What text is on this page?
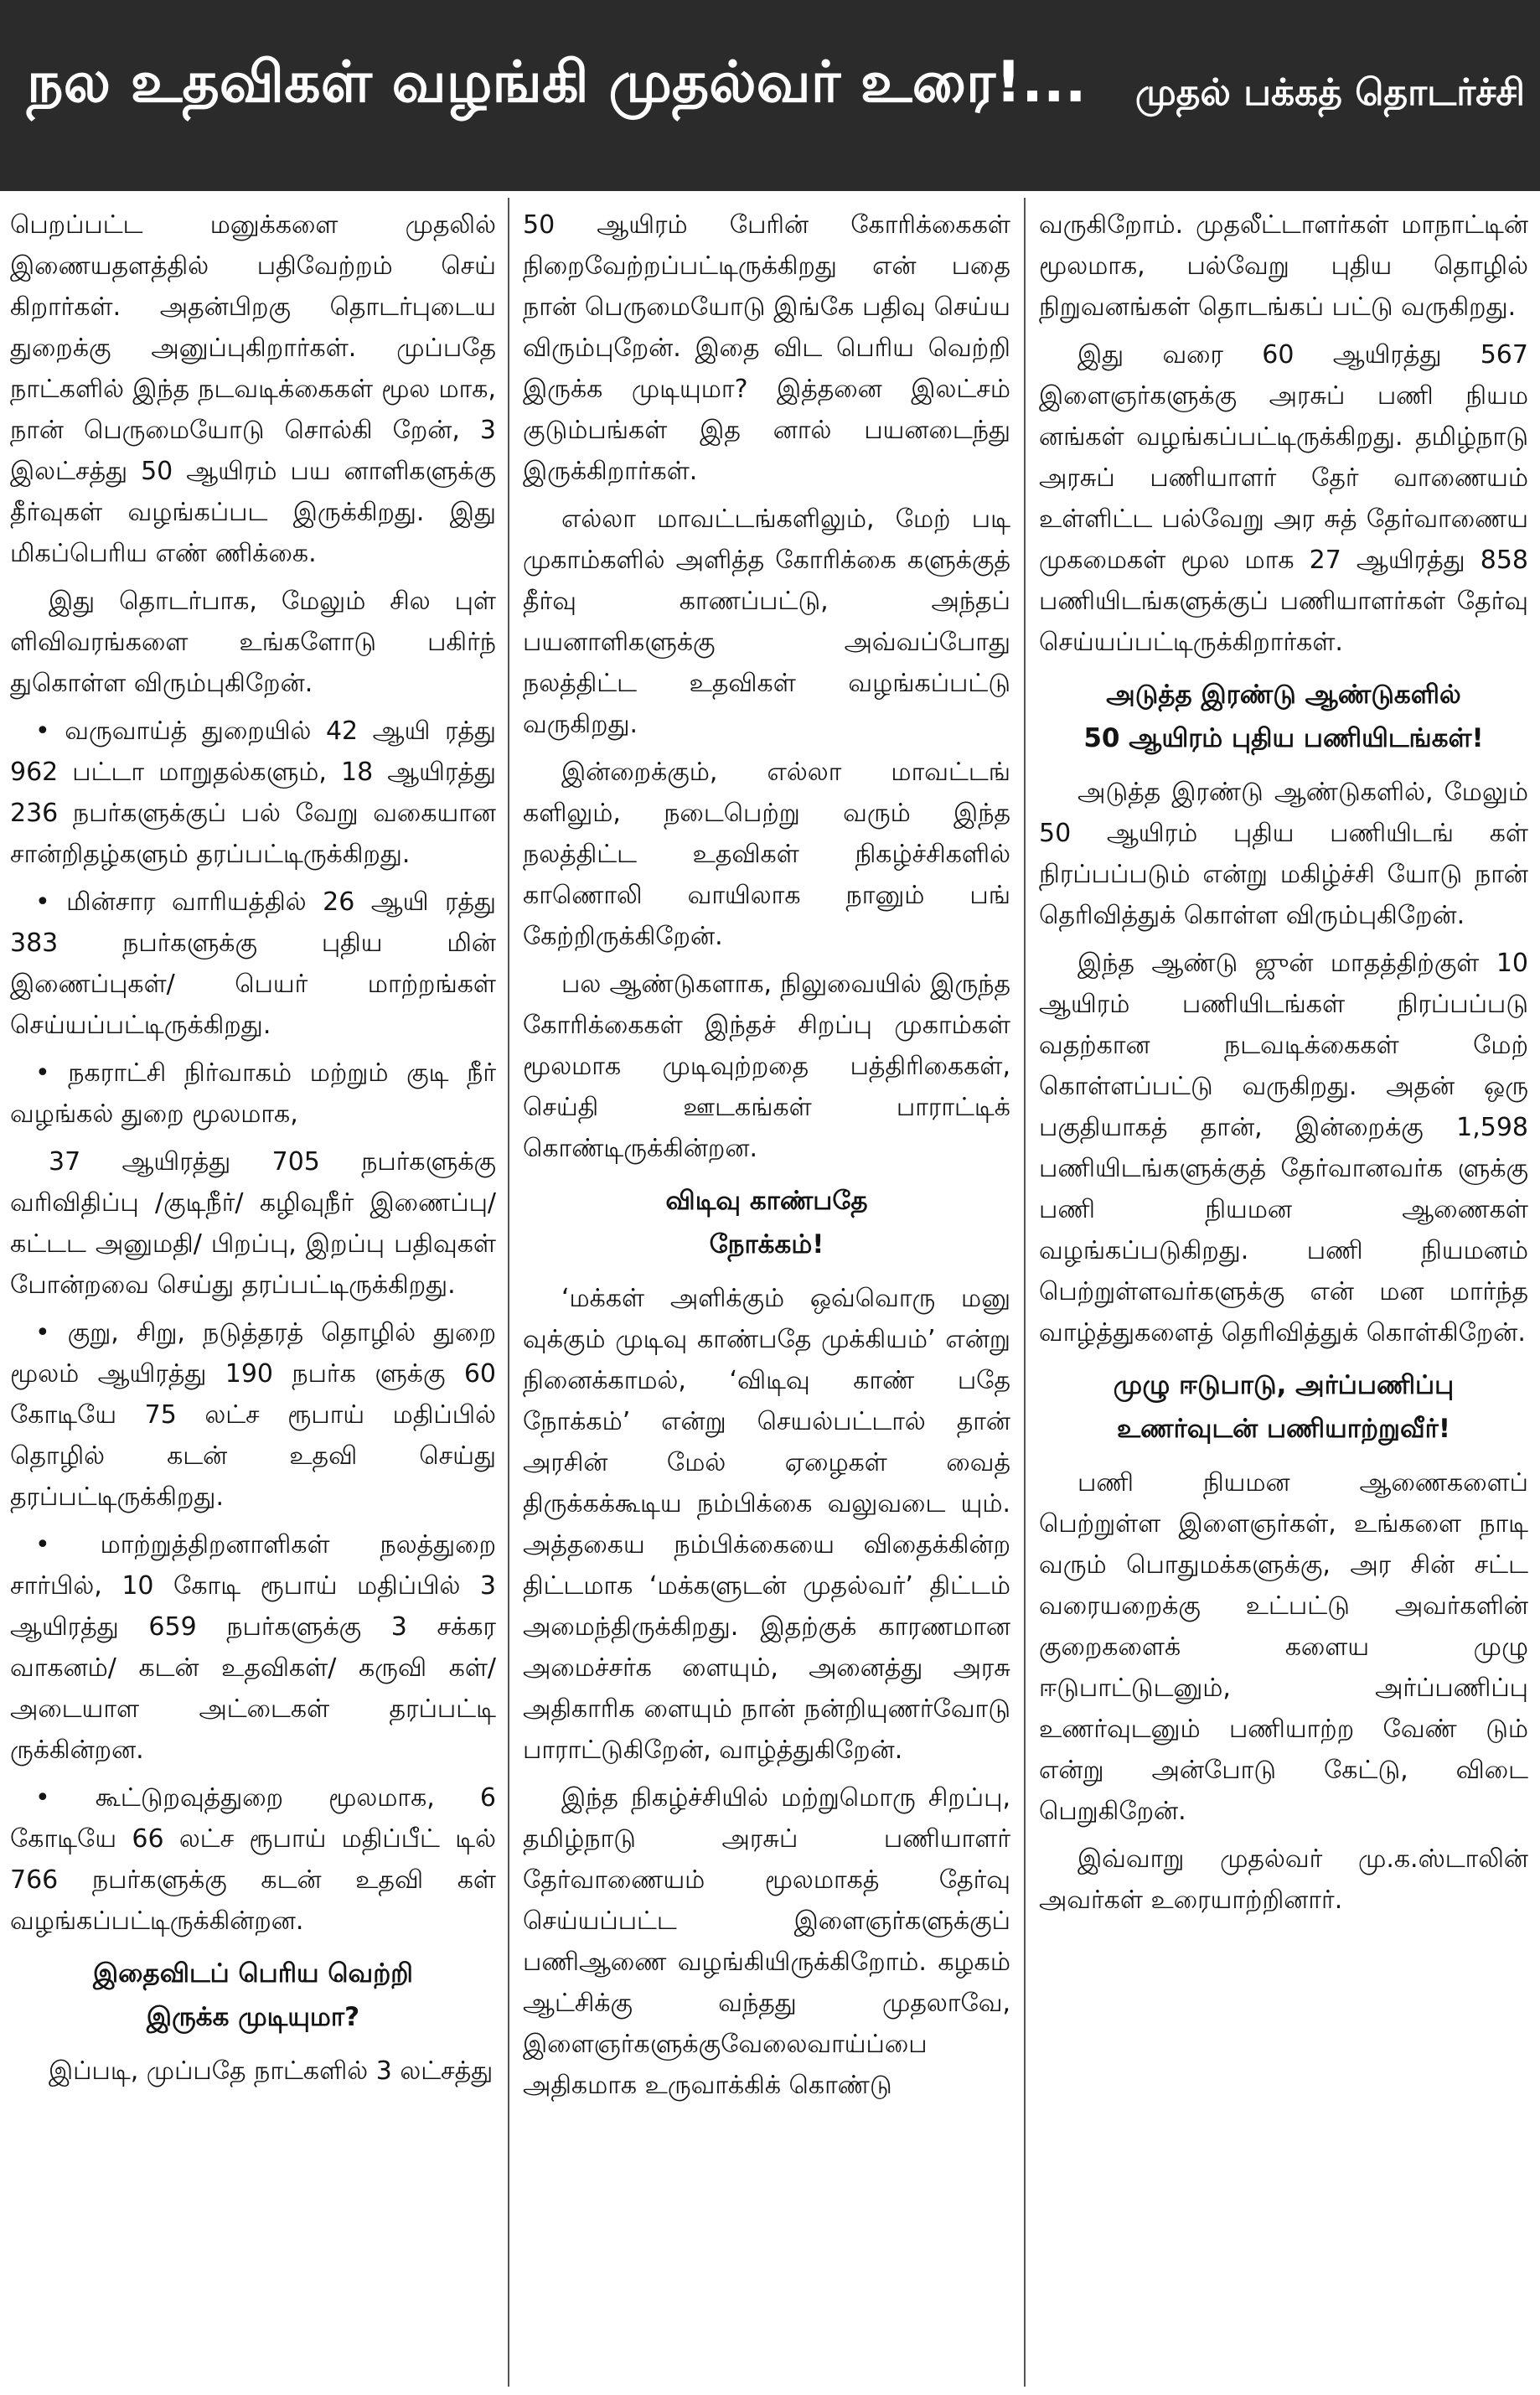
நல உதவிகள் வழங்கி முதல்வர் உரை!...	முதல் பக்கத் தொடர்ச்சி

பெறப்பட்ட மனுக்களை முதலில் இணையதளத்தில் பதிவேற்றம் செய் கிறார்கள். அதன்பிறகு தொடர்புடைய துறைக்கு அனுப்புகிறார்கள். முப்பதே நாட்களில் இந்த நடவடிக்கைகள் மூல மாக, நான் பெருமையோடு சொல்கி றேன், 3 இலட்சத்து 50 ஆயிரம் பய னாளிகளுக்கு தீர்வுகள் வழங்கப்பட இருக்கிறது. இது மிகப்பெரிய எண் ணிக்கை.

இது தொடர்பாக, மேலும் சில புள் ளிவிவரங்களை உங்களோடு பகிர்ந் துகொள்ள விரும்புகிறேன்.

• வருவாய்த் துறையில் 42 ஆயி ரத்து 962 பட்டா மாறுதல்களும், 18 ஆயிரத்து 236 நபர்களுக்குப் பல் வேறு வகையான சான்றிதழ்களும் தரப்பட்டிருக்கிறது.

• மின்சார வாரியத்தில் 26 ஆயி ரத்து 383 நபர்களுக்கு புதிய மின் இணைப்புகள்/ பெயர் மாற்றங்கள் செய்யப்பட்டிருக்கிறது.

• நகராட்சி நிர்வாகம் மற்றும் குடி நீர் வழங்கல் துறை மூலமாக,

37 ஆயிரத்து 705 நபர்களுக்கு வரிவிதிப்பு /குடிநீர்/ கழிவுநீர் இணைப்பு/ கட்டட அனுமதி/ பிறப்பு, இறப்பு பதிவுகள் போன்றவை செய்து தரப்பட்டிருக்கிறது.

• குறு, சிறு, நடுத்தரத் தொழில் துறை மூலம் ஆயிரத்து 190 நபர்க ளுக்கு 60 கோடியே 75 லட்ச ரூபாய் மதிப்பில் தொழில் கடன் உதவி செய்து தரப்பட்டிருக்கிறது.

• மாற்றுத்திறனாளிகள் நலத்துறை சார்பில், 10 கோடி ரூபாய் மதிப்பில் 3 ஆயிரத்து 659 நபர்களுக்கு 3 சக்கர வாகனம்/ கடன் உதவிகள்/ கருவி கள்/அடையாள அட்டைகள் தரப்பட்டி ருக்கின்றன.

• கூட்டுறவுத்துறை மூலமாக, 6 கோடியே 66 லட்ச ரூபாய் மதிப்பீட் டில் 766 நபர்களுக்கு கடன் உதவி கள் வழங்கப்பட்டிருக்கின்றன.

இதைவிடப் பெரிய வெற்றி
இருக்க முடியுமா?

இப்படி, முப்பதே நாட்களில் 3 லட்சத்து

50 ஆயிரம் பேரின் கோரிக்கைகள் நிறைவேற்றப்பட்டிருக்கிறது என் பதை நான் பெருமையோடு இங்கே பதிவு செய்ய விரும்புறேன். இதை விட பெரிய வெற்றி இருக்க முடியுமா? இத்தனை இலட்சம் குடும்பங்கள் இத னால் பயனடைந்து இருக்கிறார்கள்.

எல்லா மாவட்டங்களிலும், மேற் படி முகாம்களில் அளித்த கோரிக்கை களுக்குத் தீர்வு காணப்பட்டு, அந்தப் பயனாளிகளுக்கு அவ்வப்போது நலத்திட்ட உதவிகள் வழங்கப்பட்டு வருகிறது.

இன்றைக்கும், எல்லா மாவட்டங் களிலும், நடைபெற்று வரும் இந்த நலத்திட்ட உதவிகள் நிகழ்ச்சிகளில் காணொலி வாயிலாக நானும் பங் கேற்றிருக்கிறேன்.

பல ஆண்டுகளாக, நிலுவையில் இருந்த கோரிக்கைகள் இந்தச் சிறப்பு முகாம்கள் மூலமாக முடிவுற்றதை பத்திரிகைகள், செய்தி ஊடகங்கள் பாராட்டிக் கொண்டிருக்கின்றன.

விடிவு காண்பதே
நோக்கம்!

‘மக்கள் அளிக்கும் ஒவ்வொரு மனு வுக்கும் முடிவு காண்பதே முக்கியம்’ என்று நினைக்காமல், ‘விடிவு காண் பதே நோக்கம்’ என்று செயல்பட்டால் தான் அரசின் மேல் ஏழைகள் வைத் திருக்கக்கூடிய நம்பிக்கை வலுவடை யும். அத்தகைய நம்பிக்கையை விதைக்கின்ற திட்டமாக ‘மக்களுடன் முதல்வர்’ திட்டம் அமைந்திருக்கிறது. இதற்குக் காரணமான அமைச்சர்க ளையும், அனைத்து அரசு அதிகாரிக ளையும் நான் நன்றியுணர்வோடு பாராட்டுகிறேன், வாழ்த்துகிறேன்.

இந்த நிகழ்ச்சியில் மற்றுமொரு சிறப்பு, தமிழ்நாடு அரசுப் பணியாளர் தேர்வாணையம் மூலமாகத் தேர்வு செய்யப்பட்ட இளைஞர்களுக்குப் பணிஆணை வழங்கியிருக்கிறோம். கழகம் ஆட்சிக்கு வந்தது முதலாவே, இளைஞர்களுக்குவேலைவாய்ப்பை அதிகமாக உருவாக்கிக் கொண்டு

வருகிறோம். முதலீட்டாளர்கள் மாநாட்டின் மூலமாக, பல்வேறு புதிய தொழில் நிறுவனங்கள் தொடங்கப் பட்டு வருகிறது.

இது வரை 60 ஆயிரத்து 567 இளைஞர்களுக்கு அரசுப் பணி நியம னங்கள் வழங்கப்பட்டிருக்கிறது. தமிழ்நாடு அரசுப் பணியாளர் தேர் வாணையம் உள்ளிட்ட பல்வேறு அர சுத் தேர்வாணைய முகமைகள் மூல மாக 27 ஆயிரத்து 858 பணியிடங்களுக்குப் பணியாளர்கள் தேர்வு செய்யப்பட்டிருக்கிறார்கள்.

அடுத்த இரண்டு ஆண்டுகளில்
50 ஆயிரம் புதிய பணியிடங்கள்!

அடுத்த இரண்டு ஆண்டுகளில், மேலும் 50 ஆயிரம் புதிய பணியிடங் கள் நிரப்பப்படும் என்று மகிழ்ச்சி யோடு நான் தெரிவித்துக் கொள்ள விரும்புகிறேன்.

இந்த ஆண்டு ஜுன் மாதத்திற்குள் 10 ஆயிரம் பணியிடங்கள் நிரப்பப்படு வதற்கான நடவடிக்கைகள் மேற் கொள்ளப்பட்டு வருகிறது. அதன் ஒரு பகுதியாகத் தான், இன்றைக்கு 1,598 பணியிடங்களுக்குத் தேர்வானவர்க ளுக்கு பணி நியமன ஆணைகள் வழங்கப்படுகிறது. பணி நியமனம் பெற்றுள்ளவர்களுக்கு என் மன மார்ந்த வாழ்த்துகளைத் தெரிவித்துக் கொள்கிறேன்.

முழு ஈடுபாடு, அர்ப்பணிப்பு
உணர்வுடன் பணியாற்றுவீர்!

பணி நியமன ஆணைகளைப் பெற்றுள்ள இளைஞர்கள், உங்களை நாடி வரும் பொதுமக்களுக்கு, அர சின் சட்ட வரையறைக்கு உட்பட்டு அவர்களின் குறைகளைக் களைய முழு ஈடுபாட்டுடனும், அர்ப்பணிப்பு உணர்வுடனும் பணியாற்ற வேண் டும் என்று அன்போடு கேட்டு, விடை பெறுகிறேன்.

இவ்வாறு முதல்வர் மு.க.ஸ்டாலின் அவர்கள் உரையாற்றினார்.
